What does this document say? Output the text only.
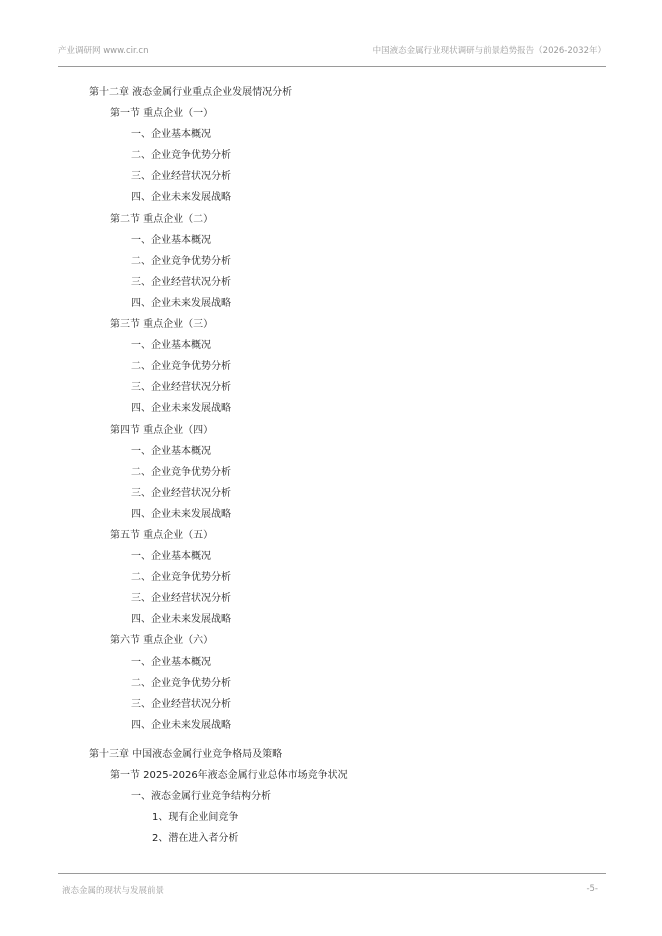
产业调研网 www.cir.cn	中国液态金属行业现状调研与前景趋势报告（2026-2032年）
第十二章 液态金属行业重点企业发展情况分析
第一节 重点企业（一）
一、企业基本概况
二、企业竞争优势分析
三、企业经营状况分析
四、企业未来发展战略
第二节 重点企业（二）
一、企业基本概况
二、企业竞争优势分析
三、企业经营状况分析
四、企业未来发展战略
第三节 重点企业（三）
一、企业基本概况
二、企业竞争优势分析
三、企业经营状况分析
四、企业未来发展战略
第四节 重点企业（四）
一、企业基本概况
二、企业竞争优势分析
三、企业经营状况分析
四、企业未来发展战略
第五节 重点企业（五）
一、企业基本概况
二、企业竞争优势分析
三、企业经营状况分析
四、企业未来发展战略
第六节 重点企业（六）
一、企业基本概况
二、企业竞争优势分析
三、企业经营状况分析
四、企业未来发展战略
第十三章 中国液态金属行业竞争格局及策略
第一节 2025-2026年液态金属行业总体市场竞争状况
一、液态金属行业竞争结构分析
1、现有企业间竞争
2、潜在进入者分析
液态金属的现状与发展前景	-5-
